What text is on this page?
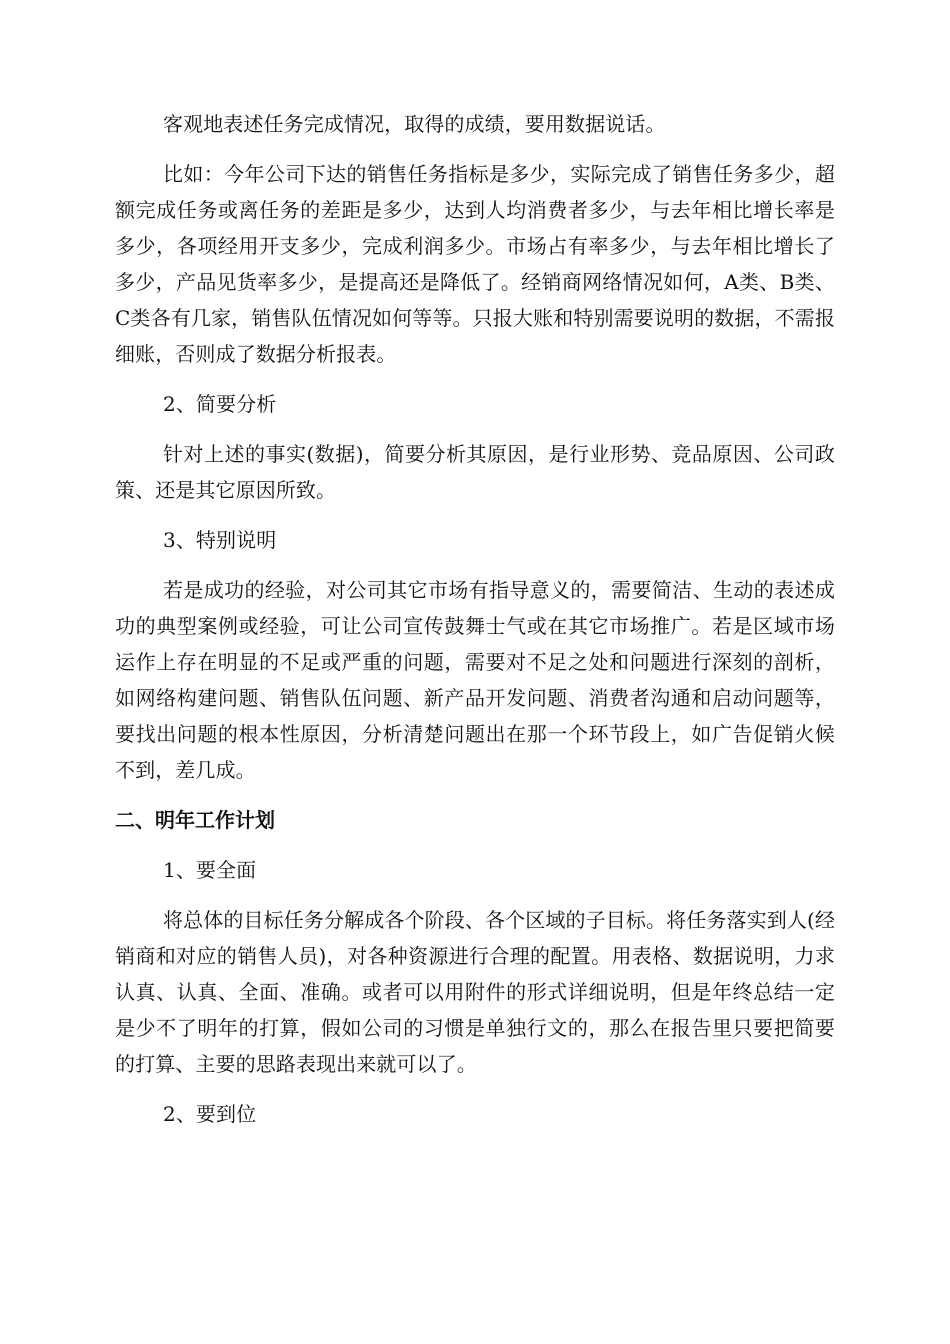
客观地表述任务完成情况，取得的成绩，要用数据说话。

比如：今年公司下达的销售任务指标是多少，实际完成了销售任务多少，超额完成任务或离任务的差距是多少，达到人均消费者多少，与去年相比增长率是多少，各项经用开支多少，完成利润多少。市场占有率多少，与去年相比增长了多少，产品见货率多少，是提高还是降低了。经销商网络情况如何，A类、B类、C类各有几家，销售队伍情况如何等等。只报大账和特别需要说明的数据，不需报细账，否则成了数据分析报表。

2、简要分析

针对上述的事实(数据)，简要分析其原因，是行业形势、竞品原因、公司政策、还是其它原因所致。

3、特别说明

若是成功的经验，对公司其它市场有指导意义的，需要简洁、生动的表述成功的典型案例或经验，可让公司宣传鼓舞士气或在其它市场推广。若是区域市场运作上存在明显的不足或严重的问题，需要对不足之处和问题进行深刻的剖析，如网络构建问题、销售队伍问题、新产品开发问题、消费者沟通和启动问题等，要找出问题的根本性原因，分析清楚问题出在那一个环节段上，如广告促销火候不到，差几成。

二、明年工作计划

1、要全面

将总体的目标任务分解成各个阶段、各个区域的子目标。将任务落实到人(经销商和对应的销售人员)，对各种资源进行合理的配置。用表格、数据说明，力求认真、认真、全面、准确。或者可以用附件的形式详细说明，但是年终总结一定是少不了明年的打算，假如公司的习惯是单独行文的，那么在报告里只要把简要的打算、主要的思路表现出来就可以了。

2、要到位
